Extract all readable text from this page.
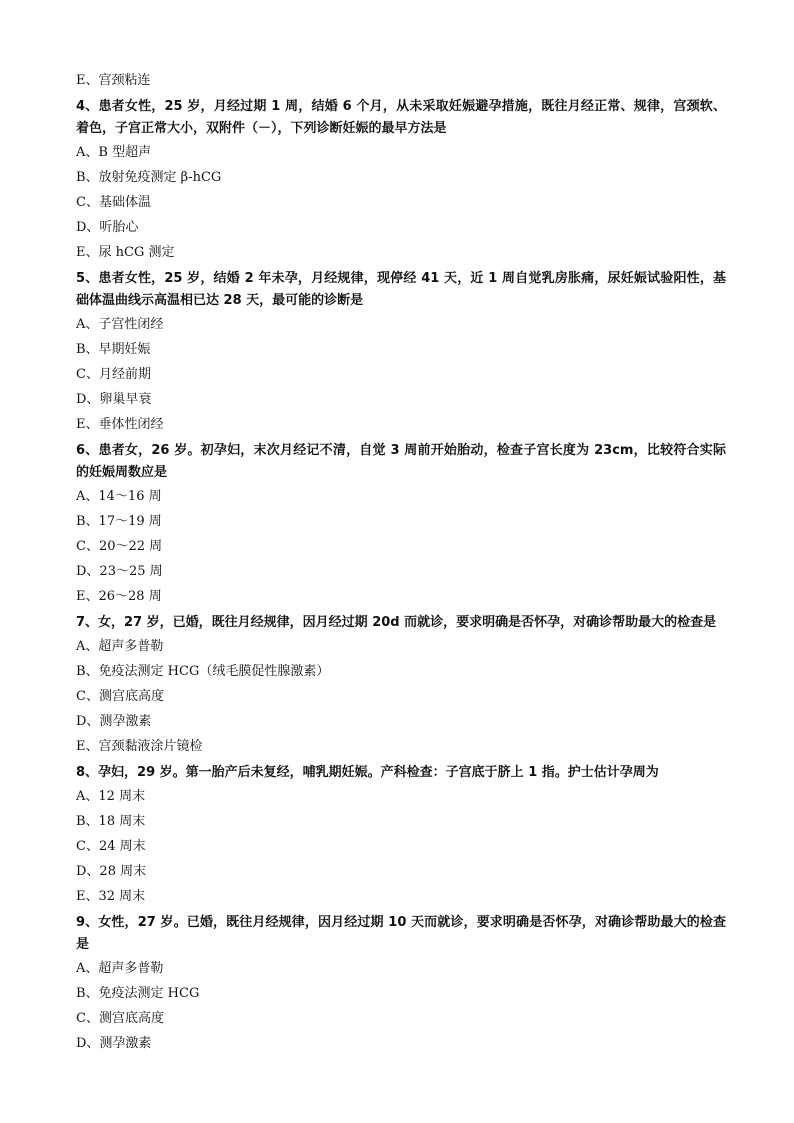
E、宫颈粘连

4、患者女性，25 岁，月经过期 1 周，结婚 6 个月，从未采取妊娠避孕措施，既往月经正常、规律，宫颈软、着色，子宫正常大小，双附件（－），下列诊断妊娠的最早方法是

A、B 型超声

B、放射免疫测定 β-hCG

C、基础体温

D、听胎心

E、尿 hCG 测定

5、患者女性，25 岁，结婚 2 年未孕，月经规律，现停经 41 天，近 1 周自觉乳房胀痛，尿妊娠试验阳性，基础体温曲线示高温相已达 28 天，最可能的诊断是

A、子宫性闭经

B、早期妊娠

C、月经前期

D、卵巢早衰

E、垂体性闭经

6、患者女，26 岁。初孕妇，末次月经记不清，自觉 3 周前开始胎动，检查子宫长度为 23cm，比较符合实际的妊娠周数应是

A、14～16 周

B、17～19 周

C、20～22 周

D、23～25 周

E、26～28 周

7、女，27 岁，已婚，既往月经规律，因月经过期 20d 而就诊，要求明确是否怀孕，对确诊帮助最大的检查是

A、超声多普勒

B、免疫法测定 HCG（绒毛膜促性腺激素）

C、测宫底高度

D、测孕激素

E、宫颈黏液涂片镜检

8、孕妇，29 岁。第一胎产后未复经，哺乳期妊娠。产科检查：子宫底于脐上 1 指。护士估计孕周为

A、12 周末

B、18 周末

C、24 周末

D、28 周末

E、32 周末

9、女性，27 岁。已婚，既往月经规律，因月经过期 10 天而就诊，要求明确是否怀孕，对确诊帮助最大的检查是

A、超声多普勒

B、免疫法测定 HCG

C、测宫底高度

D、测孕激素
